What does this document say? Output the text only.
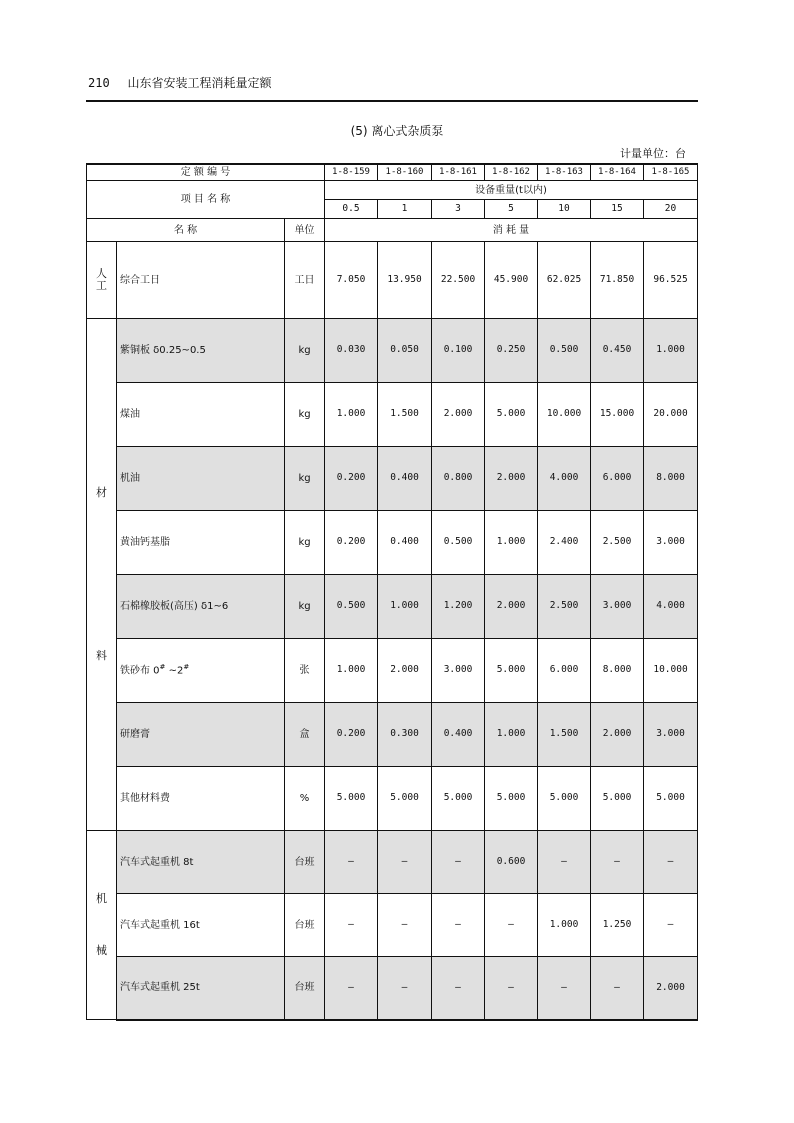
210 山东省安装工程消耗量定额
(5) 离心式杂质泵
计量单位：台
定 额 编 号			1-8-159	1-8-160	1-8-161	1-8-162	1-8-163	1-8-164	1-8-165
项 目 名 称			设备重量(t以内)						
			0.5	1	3	5	10	15	20
名 称		单位	消 耗 量						
人工	综合工日	工日	7.050	13.950	22.500	45.900	62.025	71.850	96.525

材
料	紫铜板 δ0.25~0.5	kg	0.030	0.050	0.100	0.250	0.500	0.450	1.000
	煤油	kg	1.000	1.500	2.000	5.000	10.000	15.000	20.000
	机油	kg	0.200	0.400	0.800	2.000	4.000	6.000	8.000
	黄油钙基脂	kg	0.200	0.400	0.500	1.000	2.400	2.500	3.000
	石棉橡胶板(高压) δ1~6	kg	0.500	1.000	1.200	2.000	2.500	3.000	4.000
	铁砂布 0# ~2#	张	1.000	2.000	3.000	5.000	6.000	8.000	10.000
	研磨膏	盒	0.200	0.300	0.400	1.000	1.500	2.000	3.000
	其他材料费	%	5.000	5.000	5.000	5.000	5.000	5.000	5.000

机
械	汽车式起重机 8t	台班	—	—	—	0.600	—	—	—
	汽车式起重机 16t	台班	—	—	—	—	1.000	1.250	—
	汽车式起重机 25t	台班	—	—	—	—	—	—	2.000
